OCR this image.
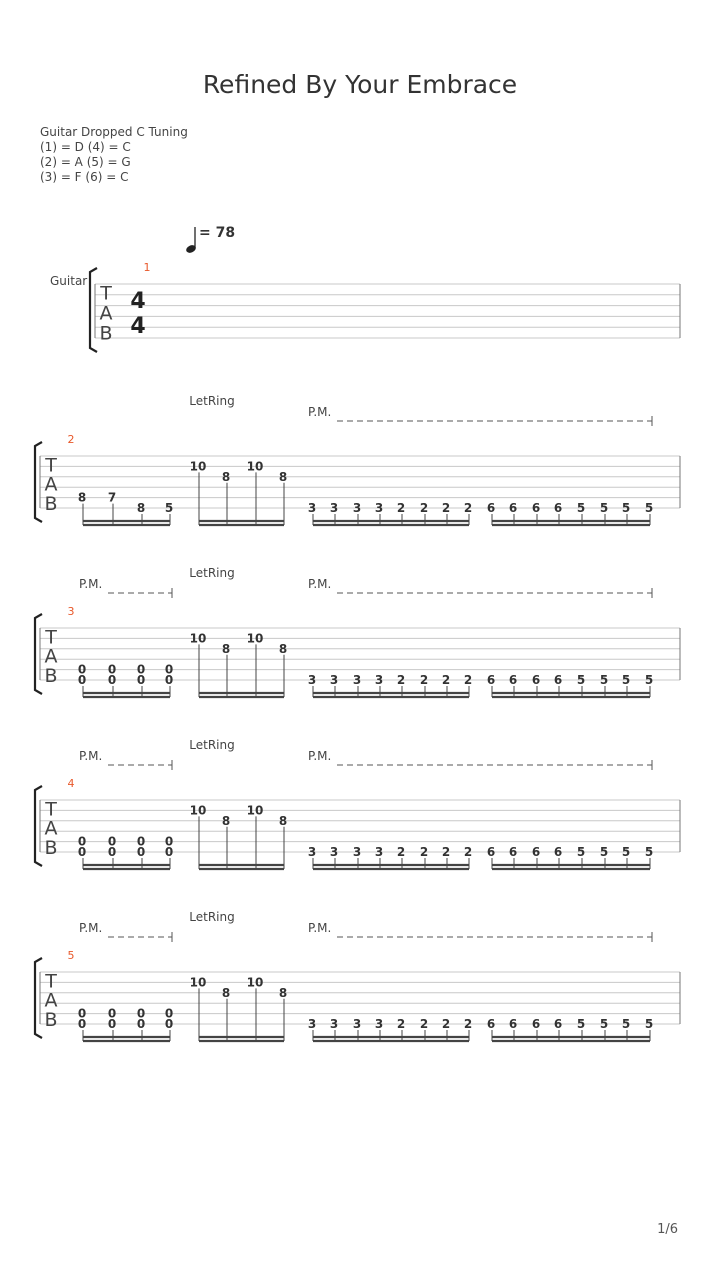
Refined By Your Embrace
Guitar Dropped C Tuning
(1) = D (4) = C
(2) = A (5) = G
(3) = F (6) = C
= 78
Guitar
T
A
B
4
4
1
T
A
B
2
LetRing
P.M.
8 7
8 5
10
8
10
8
3 3 3 3 2 2 2 2 6 6 6 6 5 5 5 5
T
A
B
3
LetRing
P.M.
P.M.
0
0
0
0
0
0
0
0
10
8
10
8
3 3 3 3 2 2 2 2 6 6 6 6 5 5 5 5
T
A
B
4
LetRing
P.M.
P.M.
0
0
0
0
0
0
0
0
10
8
10
8
3 3 3 3 2 2 2 2 6 6 6 6 5 5 5 5
T
A
B
5
LetRing
P.M.
P.M.
0
0
0
0
0
0
0
0
10
8
10
8
3 3 3 3 2 2 2 2 6 6 6 6 5 5 5 5
1/6
